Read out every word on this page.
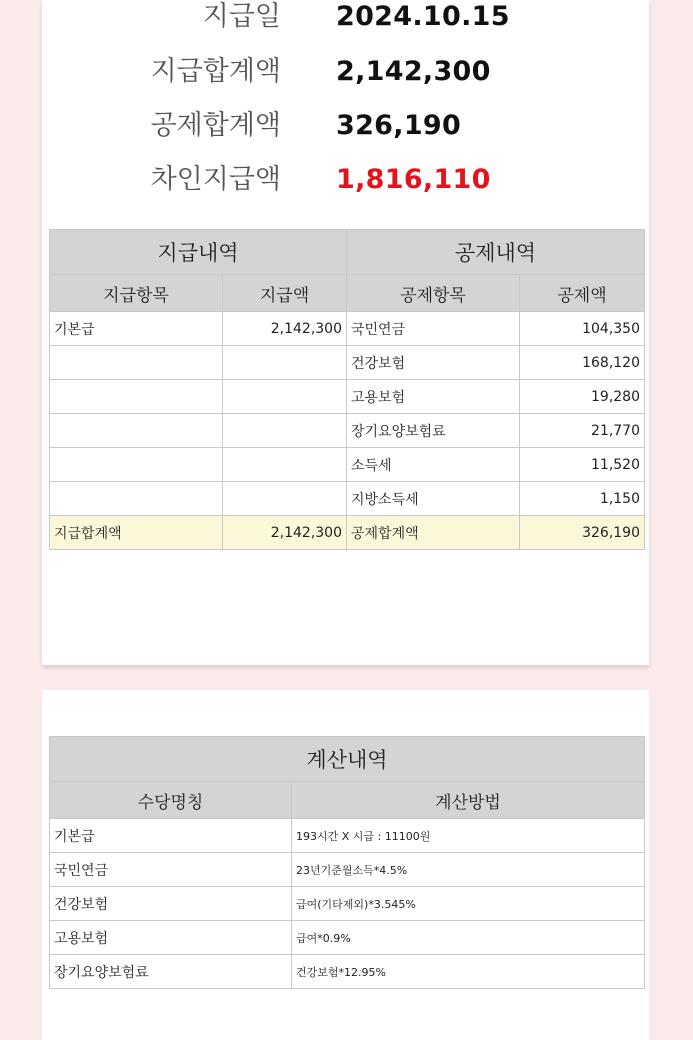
지급일 2024.10.15
지급합계액 2,142,300
공제합계액 326,190
차인지급액 1,816,110
지급내역		공제내역	
지급항목	지급액	공제항목	공제액
기본급	2,142,300	국민연금	104,350
		건강보험	168,120
		고용보험	19,280
		장기요양보험료	21,770
		소득세	11,520
		지방소득세	1,150
지급합계액	2,142,300	공제합계액	326,190
계산내역	
수당명칭	계산방법
기본급	193시간 X 시급 : 11100원
국민연금	23년기준월소득*4.5%
건강보험	급여(기타제외)*3.545%
고용보험	급여*0.9%
장기요양보험료	건강보험*12.95%
